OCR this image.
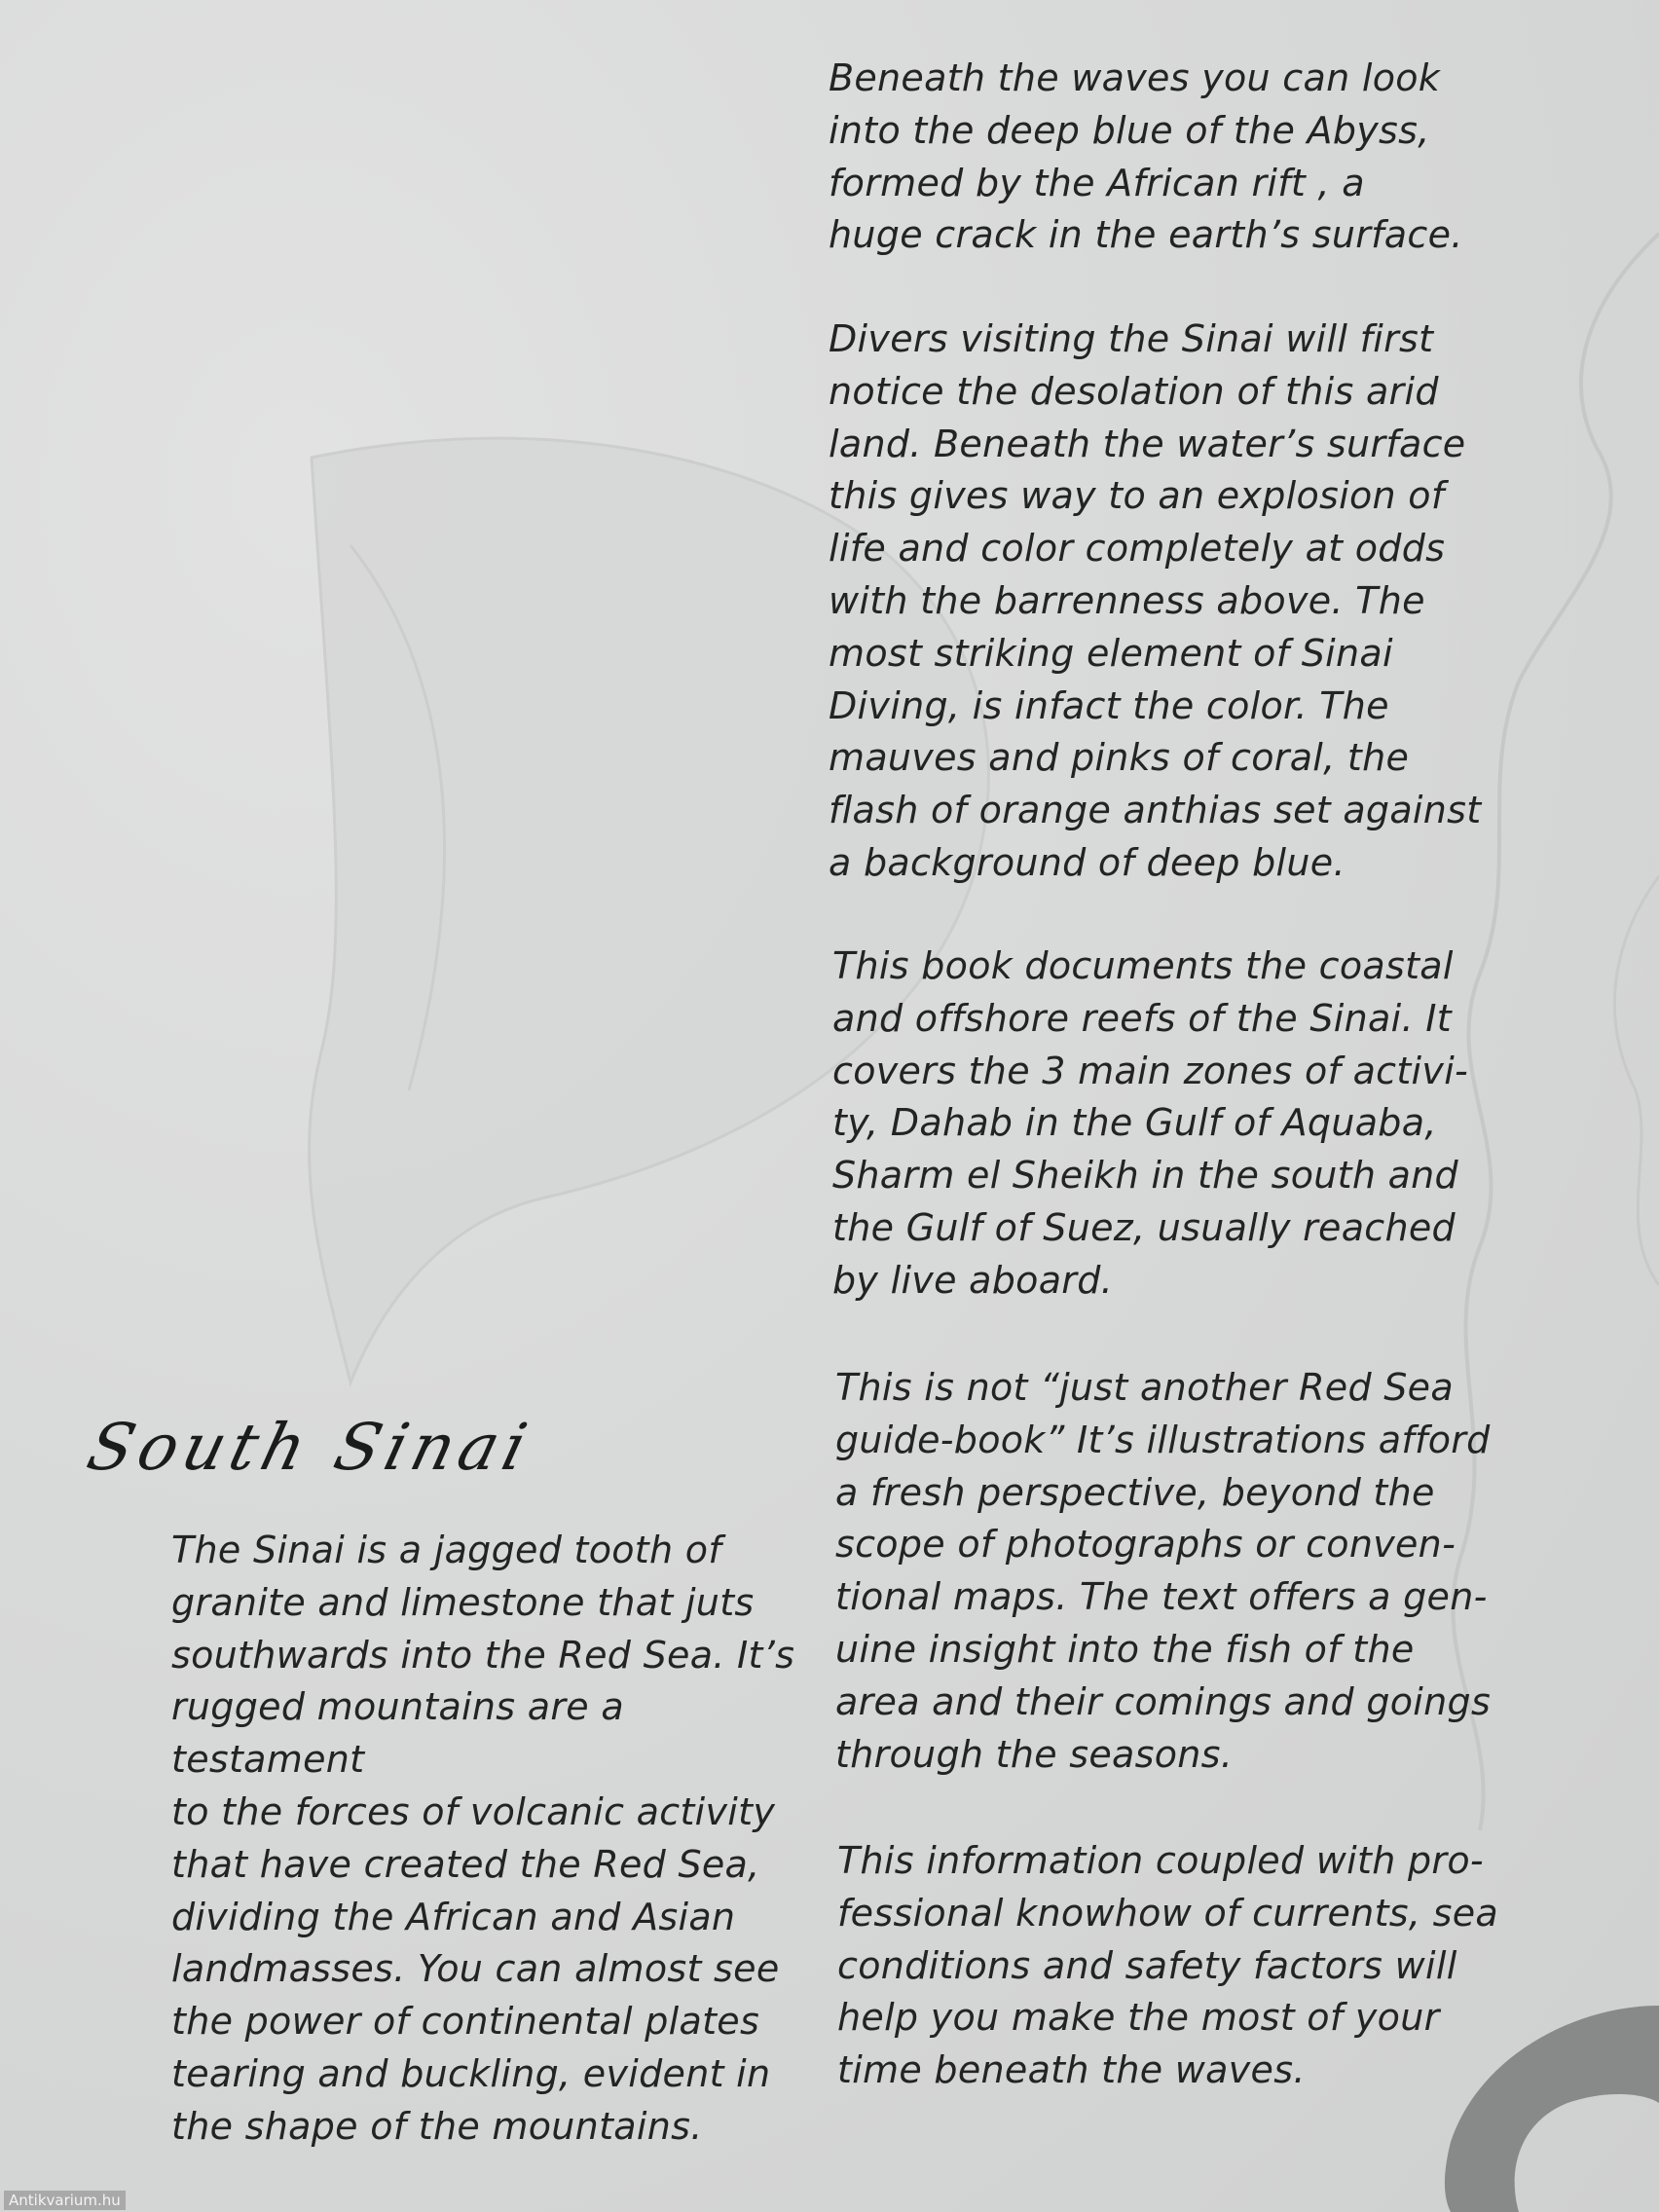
Beneath the waves you can look
into the deep blue of the Abyss,
formed by the African rift , a
huge crack in the earth’s surface.

Divers visiting the Sinai will first
notice the desolation of this arid
land. Beneath the water’s surface
this gives way to an explosion of
life and color completely at odds
with the barrenness above. The
most striking element of Sinai
Diving, is infact the color. The
mauves and pinks of coral, the
flash of orange anthias set against
a background of deep blue.

This book documents the coastal
and offshore reefs of the Sinai. It
covers the 3 main zones of activi-
ty, Dahab in the Gulf of Aquaba,
Sharm el Sheikh in the south and
the Gulf of Suez, usually reached
by live aboard.

This is not “just another Red Sea
guide-book” It’s illustrations afford
a fresh perspective, beyond the
scope of photographs or conven-
tional maps. The text offers a gen-
uine insight into the fish of the
area and their comings and goings
through the seasons.

This information coupled with pro-
fessional knowhow of currents, sea
conditions and safety factors will
help you make the most of your
time beneath the waves.

South Sinai

The Sinai is a jagged tooth of
granite and limestone that juts
southwards into the Red Sea. It’s
rugged mountains are a testament
to the forces of volcanic activity
that have created the Red Sea,
dividing the African and Asian
landmasses. You can almost see
the power of continental plates
tearing and buckling, evident in
the shape of the mountains.

Antikvarium.hu
